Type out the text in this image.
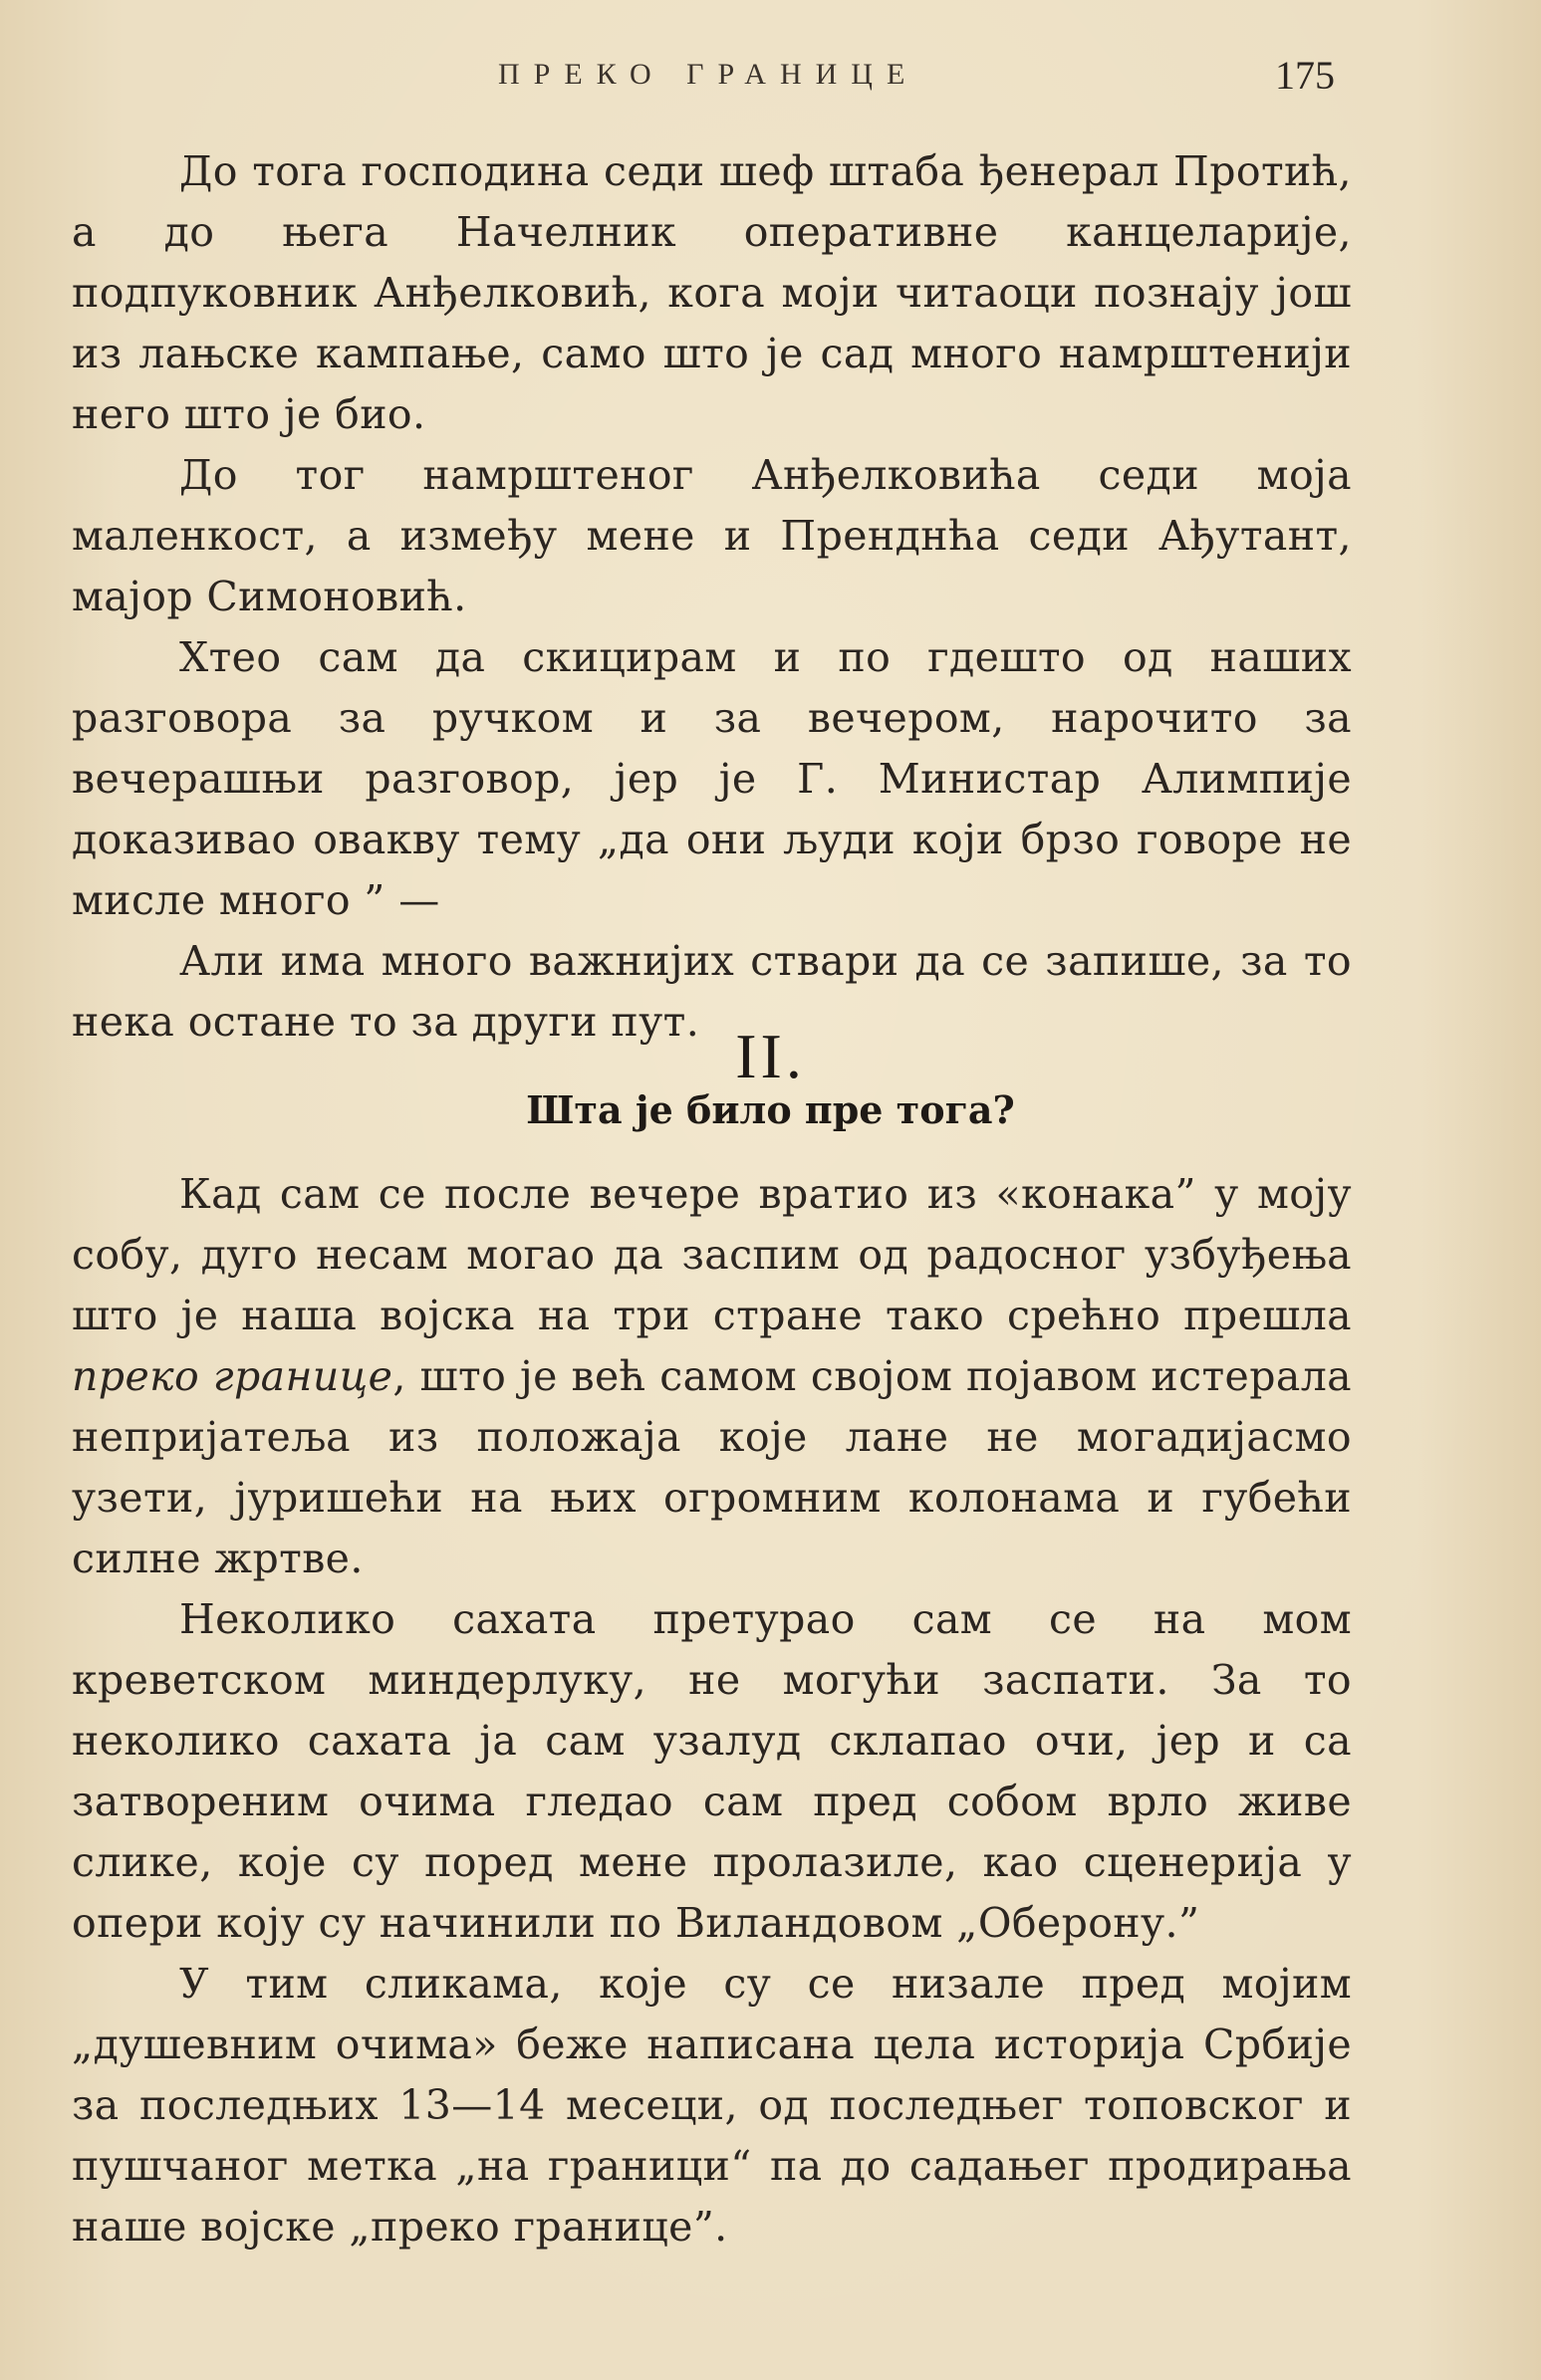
ПРЕКО ГРАНИЦЕ	175

До тога господина седи шеф штаба ђенерал Протић, а до њега Начелник оперативне канцеларије, подпуковник Анђелковић, кога моји читаоци познају још из лањске кампање, само што је сад много намрштенији него што је био.

До тог намрштеног Анђелковића седи моја маленкост, а између мене и Пренднћа седи Ађутант, мајор Симоновић.

Хтео сам да скицирам и по гдешто од наших разговора за ручком и за вечером, нарочито за вечерашњи разговор, јер је Г. Министар Алимпије доказивао овакву тему „да они људи који брзо говоре не мисле много ” —

Али има много важнијих ствари да се запише, за то нека остане то за други пут. II.
Шта је било пре тога?

Кад сам се после вечере вратио из «конака” у моју собу, дуго несам могао да заспим од радосног узбуђења што је наша војска на три стране тако срећно прешла преко границе, што је већ самом својом појавом истерала непријатеља из положаја које лане не могадијасмо узети, јуришећи на њих огромним колонама и губећи силне жртве.

Неколико сахата претурао сам се на мом креветском миндерлуку, не могући заспати. За то неколико сахата ја сам узалуд склапао очи, јер и са затвореним очима гледао сам пред собом врло живе слике, које су поред мене пролазиле, као сценерија у опери коју су начинили по Виландовом „Оберону.”

У тим сликама, које су се низале пред мојим „душевним очима» беже написана цела историја Србије за последњих 13—14 месеци, од последњег топовског и пушчаног метка „на граници“ па до садањег продирања наше војске „преко границе”.
